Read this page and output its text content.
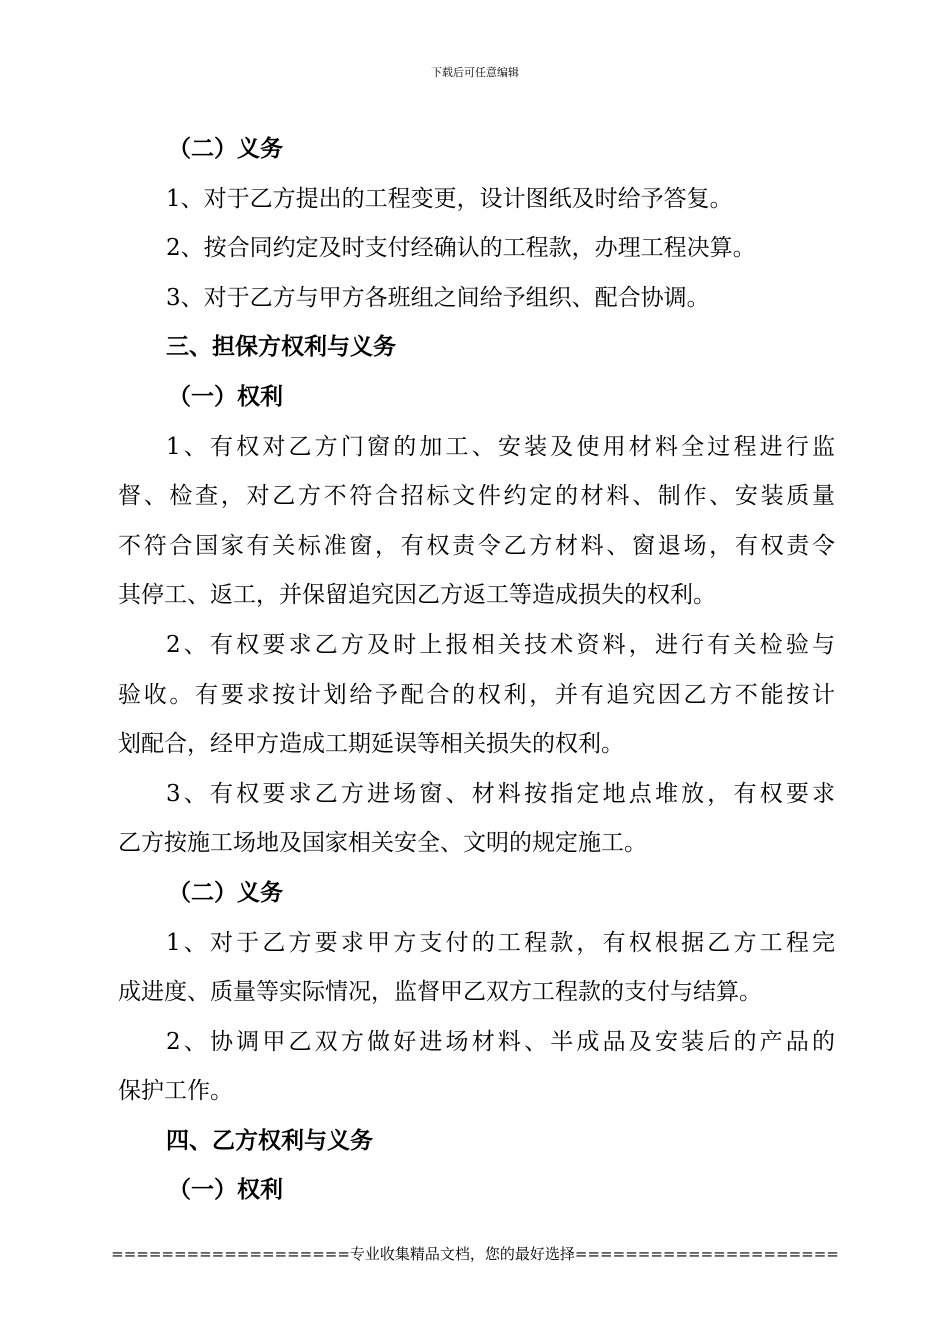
下载后可任意编辑
（二）义务
1、对于乙方提出的工程变更，设计图纸及时给予答复。
2、按合同约定及时支付经确认的工程款，办理工程决算。
3、对于乙方与甲方各班组之间给予组织、配合协调。
三、担保方权利与义务
（一）权利
1、有权对乙方门窗的加工、安装及使用材料全过程进行监
督、检查，对乙方不符合招标文件约定的材料、制作、安装质量
不符合国家有关标准窗，有权责令乙方材料、窗退场，有权责令
其停工、返工，并保留追究因乙方返工等造成损失的权利。
2、有权要求乙方及时上报相关技术资料，进行有关检验与
验收。有要求按计划给予配合的权利，并有追究因乙方不能按计
划配合，经甲方造成工期延误等相关损失的权利。
3、有权要求乙方进场窗、材料按指定地点堆放，有权要求
乙方按施工场地及国家相关安全、文明的规定施工。
（二）义务
1、对于乙方要求甲方支付的工程款，有权根据乙方工程完
成进度、质量等实际情况，监督甲乙双方工程款的支付与结算。
2、协调甲乙双方做好进场材料、半成品及安装后的产品的
保护工作。
四、乙方权利与义务
（一）权利
===================专业收集精品文档，您的最好选择=====================
